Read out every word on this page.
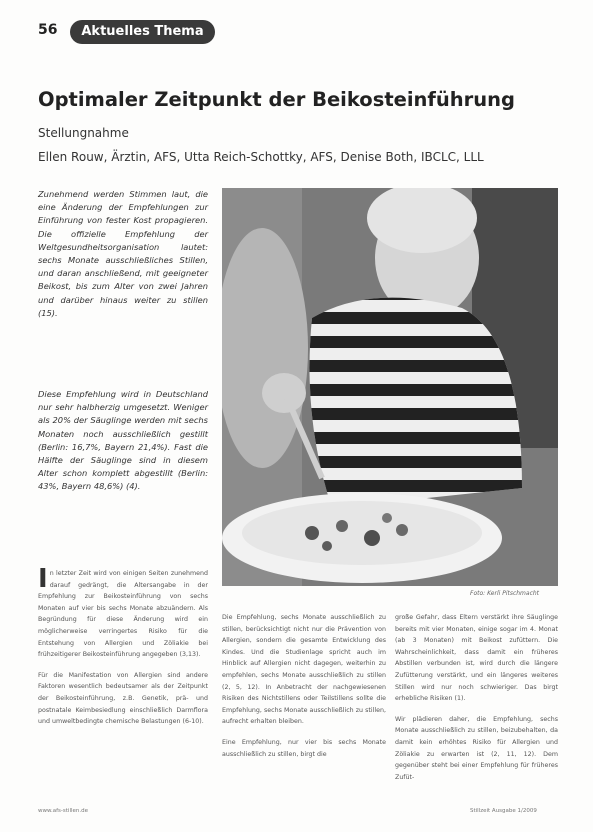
56	Aktuelles Thema
Optimaler Zeitpunkt der Beikosteinführung
Stellungnahme
Ellen Rouw, Ärztin, AFS, Utta Reich-Schottky, AFS, Denise Both, IBCLC, LLL
Zunehmend werden Stimmen laut, die eine Änderung der Empfehlungen zur Einführung von fester Kost propagieren. Die offizielle Empfehlung der Weltgesundheitsorganisation lautet: sechs Monate ausschließliches Stillen, und daran anschließend, mit geeigneter Beikost, bis zum Alter von zwei Jahren und darüber hinaus weiter zu stillen (15).
Diese Empfehlung wird in Deutschland nur sehr halbherzig umgesetzt. Weniger als 20% der Säuglinge werden mit sechs Monaten noch ausschließlich gestillt (Berlin: 16,7%, Bayern 21,4%). Fast die Hälfte der Säuglinge sind in diesem Alter schon komplett abgestillt (Berlin: 43%, Bayern 48,6%) (4).
Foto: Kerli Pitschmacht

In letzter Zeit wird von einigen Seiten zunehmend darauf gedrängt, die Altersangabe in der Empfehlung zur Beikosteinführung von sechs Monaten auf vier bis sechs Monate abzuändern. Als Begründung für diese Änderung wird ein möglicherweise verringertes Risiko für die Entstehung von Allergien und Zöliakie bei frühzeitigerer Beikosteinführung angegeben (3,13).

Für die Manifestation von Allergien sind andere Faktoren wesentlich bedeutsamer als der Zeitpunkt der Beikosteinführung, z.B. Genetik, prä- und postnatale Keimbesiedlung einschließlich Darmflora und umweltbedingte chemische Belastungen (6-10).

Die Empfehlung, sechs Monate ausschließlich zu stillen, berücksichtigt nicht nur die Prävention von Allergien, sondern die gesamte Entwicklung des Kindes. Und die Studienlage spricht auch im Hinblick auf Allergien nicht dagegen, weiterhin zu empfehlen, sechs Monate ausschließlich zu stillen (2, 5, 12). In Anbetracht der nachgewiesenen Risiken des Nichtstillens oder Teilstillens sollte die Empfehlung, sechs Monate ausschließlich zu stillen, aufrecht erhalten bleiben.

Eine Empfehlung, nur vier bis sechs Monate ausschließlich zu stillen, birgt die

große Gefahr, dass Eltern verstärkt ihre Säuglinge bereits mit vier Monaten, einige sogar im 4. Monat (ab 3 Monaten) mit Beikost zufüttern. Die Wahrscheinlichkeit, dass damit ein früheres Abstillen verbunden ist, wird durch die längere Zufütterung verstärkt, und ein längeres weiteres Stillen wird nur noch schwieriger. Das birgt erhebliche Risiken (1).

Wir plädieren daher, die Empfehlung, sechs Monate ausschließlich zu stillen, beizubehalten, da damit kein erhöhtes Risiko für Allergien und Zöliakie zu erwarten ist (2, 11, 12). Dem gegenüber steht bei einer Empfehlung für früheres Zufüt-

www.afs-stillen.de	Stillzeit Ausgabe 1/2009
